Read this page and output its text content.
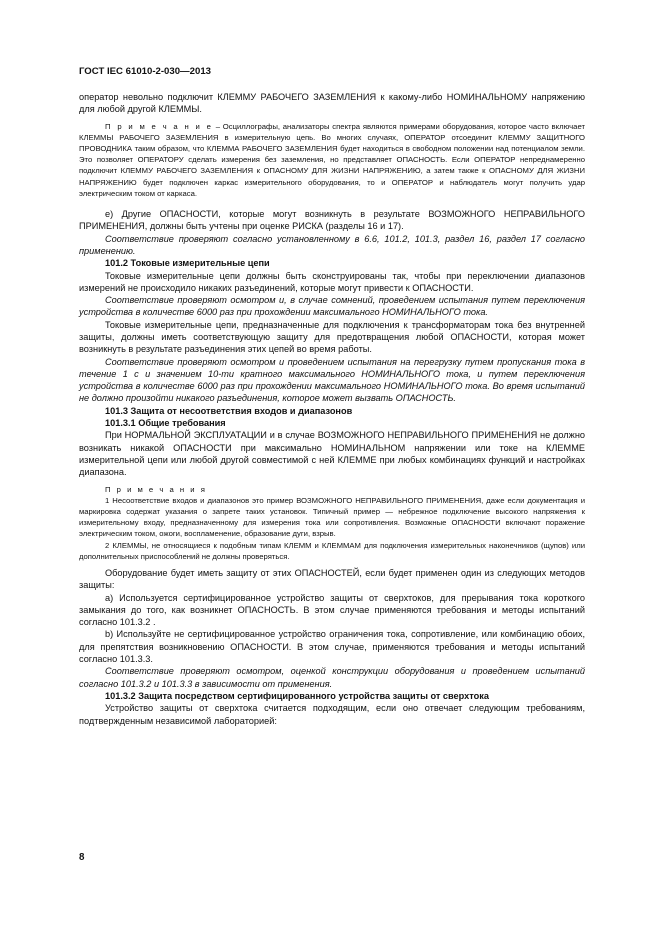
ГОСТ IEC 61010-2-030—2013

оператор невольно подключит КЛЕММУ РАБОЧЕГО ЗАЗЕМЛЕНИЯ к какому-либо НОМИНАЛЬНОМУ напряжению для любой другой КЛЕММЫ.

П р и м е ч а н и е – Осциллографы, анализаторы спектра являются примерами оборудования, которое часто включает КЛЕММЫ РАБОЧЕГО ЗАЗЕМЛЕНИЯ в измерительную цепь. Во многих случаях, ОПЕРАТОР отсоединит КЛЕММУ ЗАЩИТНОГО ПРОВОДНИКА таким образом, что КЛЕММА РАБОЧЕГО ЗАЗЕМЛЕНИЯ будет находиться в свободном положении над потенциалом земли. Это позволяет ОПЕРАТОРУ сделать измерения без заземления, но представляет ОПАСНОСТЬ. Если ОПЕРАТОР непреднамеренно подключит КЛЕММУ РАБОЧЕГО ЗАЗЕМЛЕНИЯ к ОПАСНОМУ ДЛЯ ЖИЗНИ НАПРЯЖЕНИЮ, а затем также к ОПАСНОМУ ДЛЯ ЖИЗНИ НАПРЯЖЕНИЮ будет подключен каркас измерительного оборудования, то и ОПЕРАТОР и наблюдатель могут получить удар электрическим током от каркаса.

е) Другие ОПАСНОСТИ, которые могут возникнуть в результате ВОЗМОЖНОГО НЕПРАВИЛЬНОГО ПРИМЕНЕНИЯ, должны быть учтены при оценке РИСКА (разделы 16 и 17).

Соответствие проверяют согласно установленному в 6.6, 101.2, 101.3, раздел 16, раздел 17 согласно применению.

101.2 Токовые измерительные цепи

Токовые измерительные цепи должны быть сконструированы так, чтобы при переключении диапазонов измерений не происходило никаких разъединений, которые могут привести к ОПАСНОСТИ.

Соответствие проверяют осмотром и, в случае сомнений, проведением испытания путем переключения устройства в количестве 6000 раз при прохождении максимального НОМИНАЛЬНОГО тока.

Токовые измерительные цепи, предназначенные для подключения к трансформаторам тока без внутренней защиты, должны иметь соответствующую защиту для предотвращения любой ОПАСНОСТИ, которая может возникнуть в результате разъединения этих цепей во время работы.

Соответствие проверяют осмотром и проведением испытания на перегрузку путем пропускания тока в течение 1 с и значением 10-ти кратного максимального НОМИНАЛЬНОГО тока, и путем переключения устройства в количестве 6000 раз при прохождении максимального НОМИНАЛЬНОГО тока. Во время испытаний не должно произойти никакого разъединения, которое может вызвать ОПАСНОСТЬ.

101.3 Защита от несоответствия входов и диапазонов

101.3.1 Общие требования

При НОРМАЛЬНОЙ ЭКСПЛУАТАЦИИ и в случае ВОЗМОЖНОГО НЕПРАВИЛЬНОГО ПРИМЕНЕНИЯ не должно возникать никакой ОПАСНОСТИ при максимально НОМИНАЛЬНОМ напряжении или токе на КЛЕММЕ измерительной цепи или любой другой совместимой с ней КЛЕММЕ при любых комбинациях функций и настройках диапазона.

П р и м е ч а н и я

1 Несоответствие входов и диапазонов это пример ВОЗМОЖНОГО НЕПРАВИЛЬНОГО ПРИМЕНЕНИЯ, даже если документация и маркировка содержат указания о запрете таких установок. Типичный пример — небрежное подключение высокого напряжения к измерительному входу, предназначенному для измерения тока или сопротивления. Возможные ОПАСНОСТИ включают поражение электрическим током, ожоги, воспламенение, образование дуги, взрыв.

2 КЛЕММЫ, не относящиеся к подобным типам КЛЕММ и КЛЕММАМ для подключения измерительных наконечников (щупов) или дополнительных приспособлений не должны проверяться.

Оборудование будет иметь защиту от этих ОПАСНОСТЕЙ, если будет применен один из следующих методов защиты:

a) Используется сертифицированное устройство защиты от сверхтоков, для прерывания тока короткого замыкания до того, как возникнет ОПАСНОСТЬ. В этом случае применяются требования и методы испытаний согласно 101.3.2 .

b) Используйте не сертифицированное устройство ограничения тока, сопротивление, или комбинацию обоих, для препятствия возникновению ОПАСНОСТИ. В этом случае, применяются требования и методы испытаний согласно 101.3.3.

Соответствие проверяют осмотром, оценкой конструкции оборудования и проведением испытаний согласно 101.3.2 и 101.3.3 в зависимости от применения.

101.3.2 Защита посредством сертифицированного устройства защиты от сверхтока

Устройство защиты от сверхтока считается подходящим, если оно отвечает следующим требованиям, подтвержденным независимой лабораторией:

8
